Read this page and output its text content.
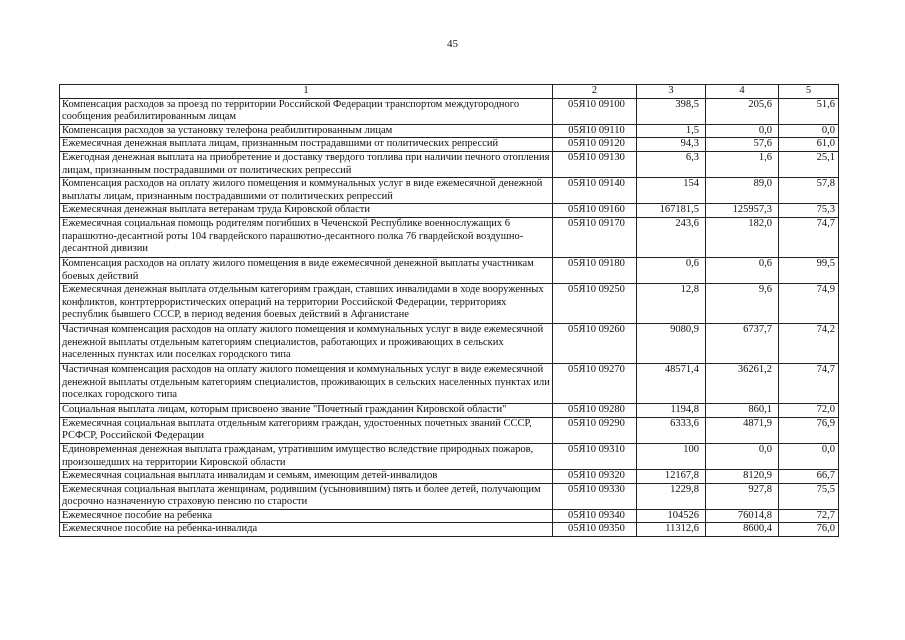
45
1	2	3	4	5
Компенсация расходов за проезд по территории Российской Федерации транспортом междугородного сообщения реабилитированным лицам	05Я10 09100	398,5	205,6	51,6
Компенсация расходов за установку телефона реабилитированным лицам	05Я10 09110	1,5	0,0	0,0
Ежемесячная денежная выплата лицам, признанным пострадавшими от политических репрессий	05Я10 09120	94,3	57,6	61,0
Ежегодная денежная выплата на приобретение и доставку твердого топлива при наличии печного отопления лицам, признанным пострадавшими от политических репрессий	05Я10 09130	6,3	1,6	25,1
Компенсация расходов на оплату жилого помещения и коммунальных услуг в виде ежемесячной денежной выплаты лицам, признанным пострадавшими от политических репрессий	05Я10 09140	154	89,0	57,8
Ежемесячная денежная выплата ветеранам труда Кировской области	05Я10 09160	167181,5	125957,3	75,3
Ежемесячная социальная помощь родителям погибших в Чеченской Республике военнослужащих 6 парашютно-десантной роты 104 гвардейского парашютно-десантного полка 76 гвардейской воздушно-десантной дивизии	05Я10 09170	243,6	182,0	74,7
Компенсация расходов на оплату жилого помещения в виде ежемесячной денежной выплаты участникам боевых действий	05Я10 09180	0,6	0,6	99,5
Ежемесячная денежная выплата отдельным категориям граждан, ставших инвалидами в ходе вооруженных конфликтов, контртеррористических операций на территории Российской Федерации, территориях республик бывшего СССР, в период ведения боевых действий в Афганистане	05Я10 09250	12,8	9,6	74,9
Частичная компенсация расходов на оплату жилого помещения и коммунальных услуг в виде ежемесячной денежной выплаты отдельным категориям специалистов, работающих и проживающих в сельских населенных пунктах или поселках городского типа	05Я10 09260	9080,9	6737,7	74,2
Частичная компенсация расходов на оплату жилого помещения и коммунальных услуг в виде ежемесячной денежной выплаты отдельным категориям специалистов, проживающих в сельских населенных пунктах или поселках городского типа	05Я10 09270	48571,4	36261,2	74,7
Социальная выплата лицам, которым присвоено звание "Почетный гражданин Кировской области"	05Я10 09280	1194,8	860,1	72,0
Ежемесячная социальная выплата отдельным категориям граждан, удостоенных почетных званий СССР, РСФСР, Российской Федерации	05Я10 09290	6333,6	4871,9	76,9
Единовременная денежная выплата гражданам, утратившим имущество вследствие природных пожаров, произошедших на территории Кировской области	05Я10 09310	100	0,0	0,0
Ежемесячная социальная выплата инвалидам и семьям, имеющим детей-инвалидов	05Я10 09320	12167,8	8120,9	66,7
Ежемесячная социальная выплата женщинам, родившим (усыновившим) пять и более детей, получающим досрочно назначенную страховую пенсию по старости	05Я10 09330	1229,8	927,8	75,5
Ежемесячное пособие на ребенка	05Я10 09340	104526	76014,8	72,7
Ежемесячное пособие на ребенка-инвалида	05Я10 09350	11312,6	8600,4	76,0
